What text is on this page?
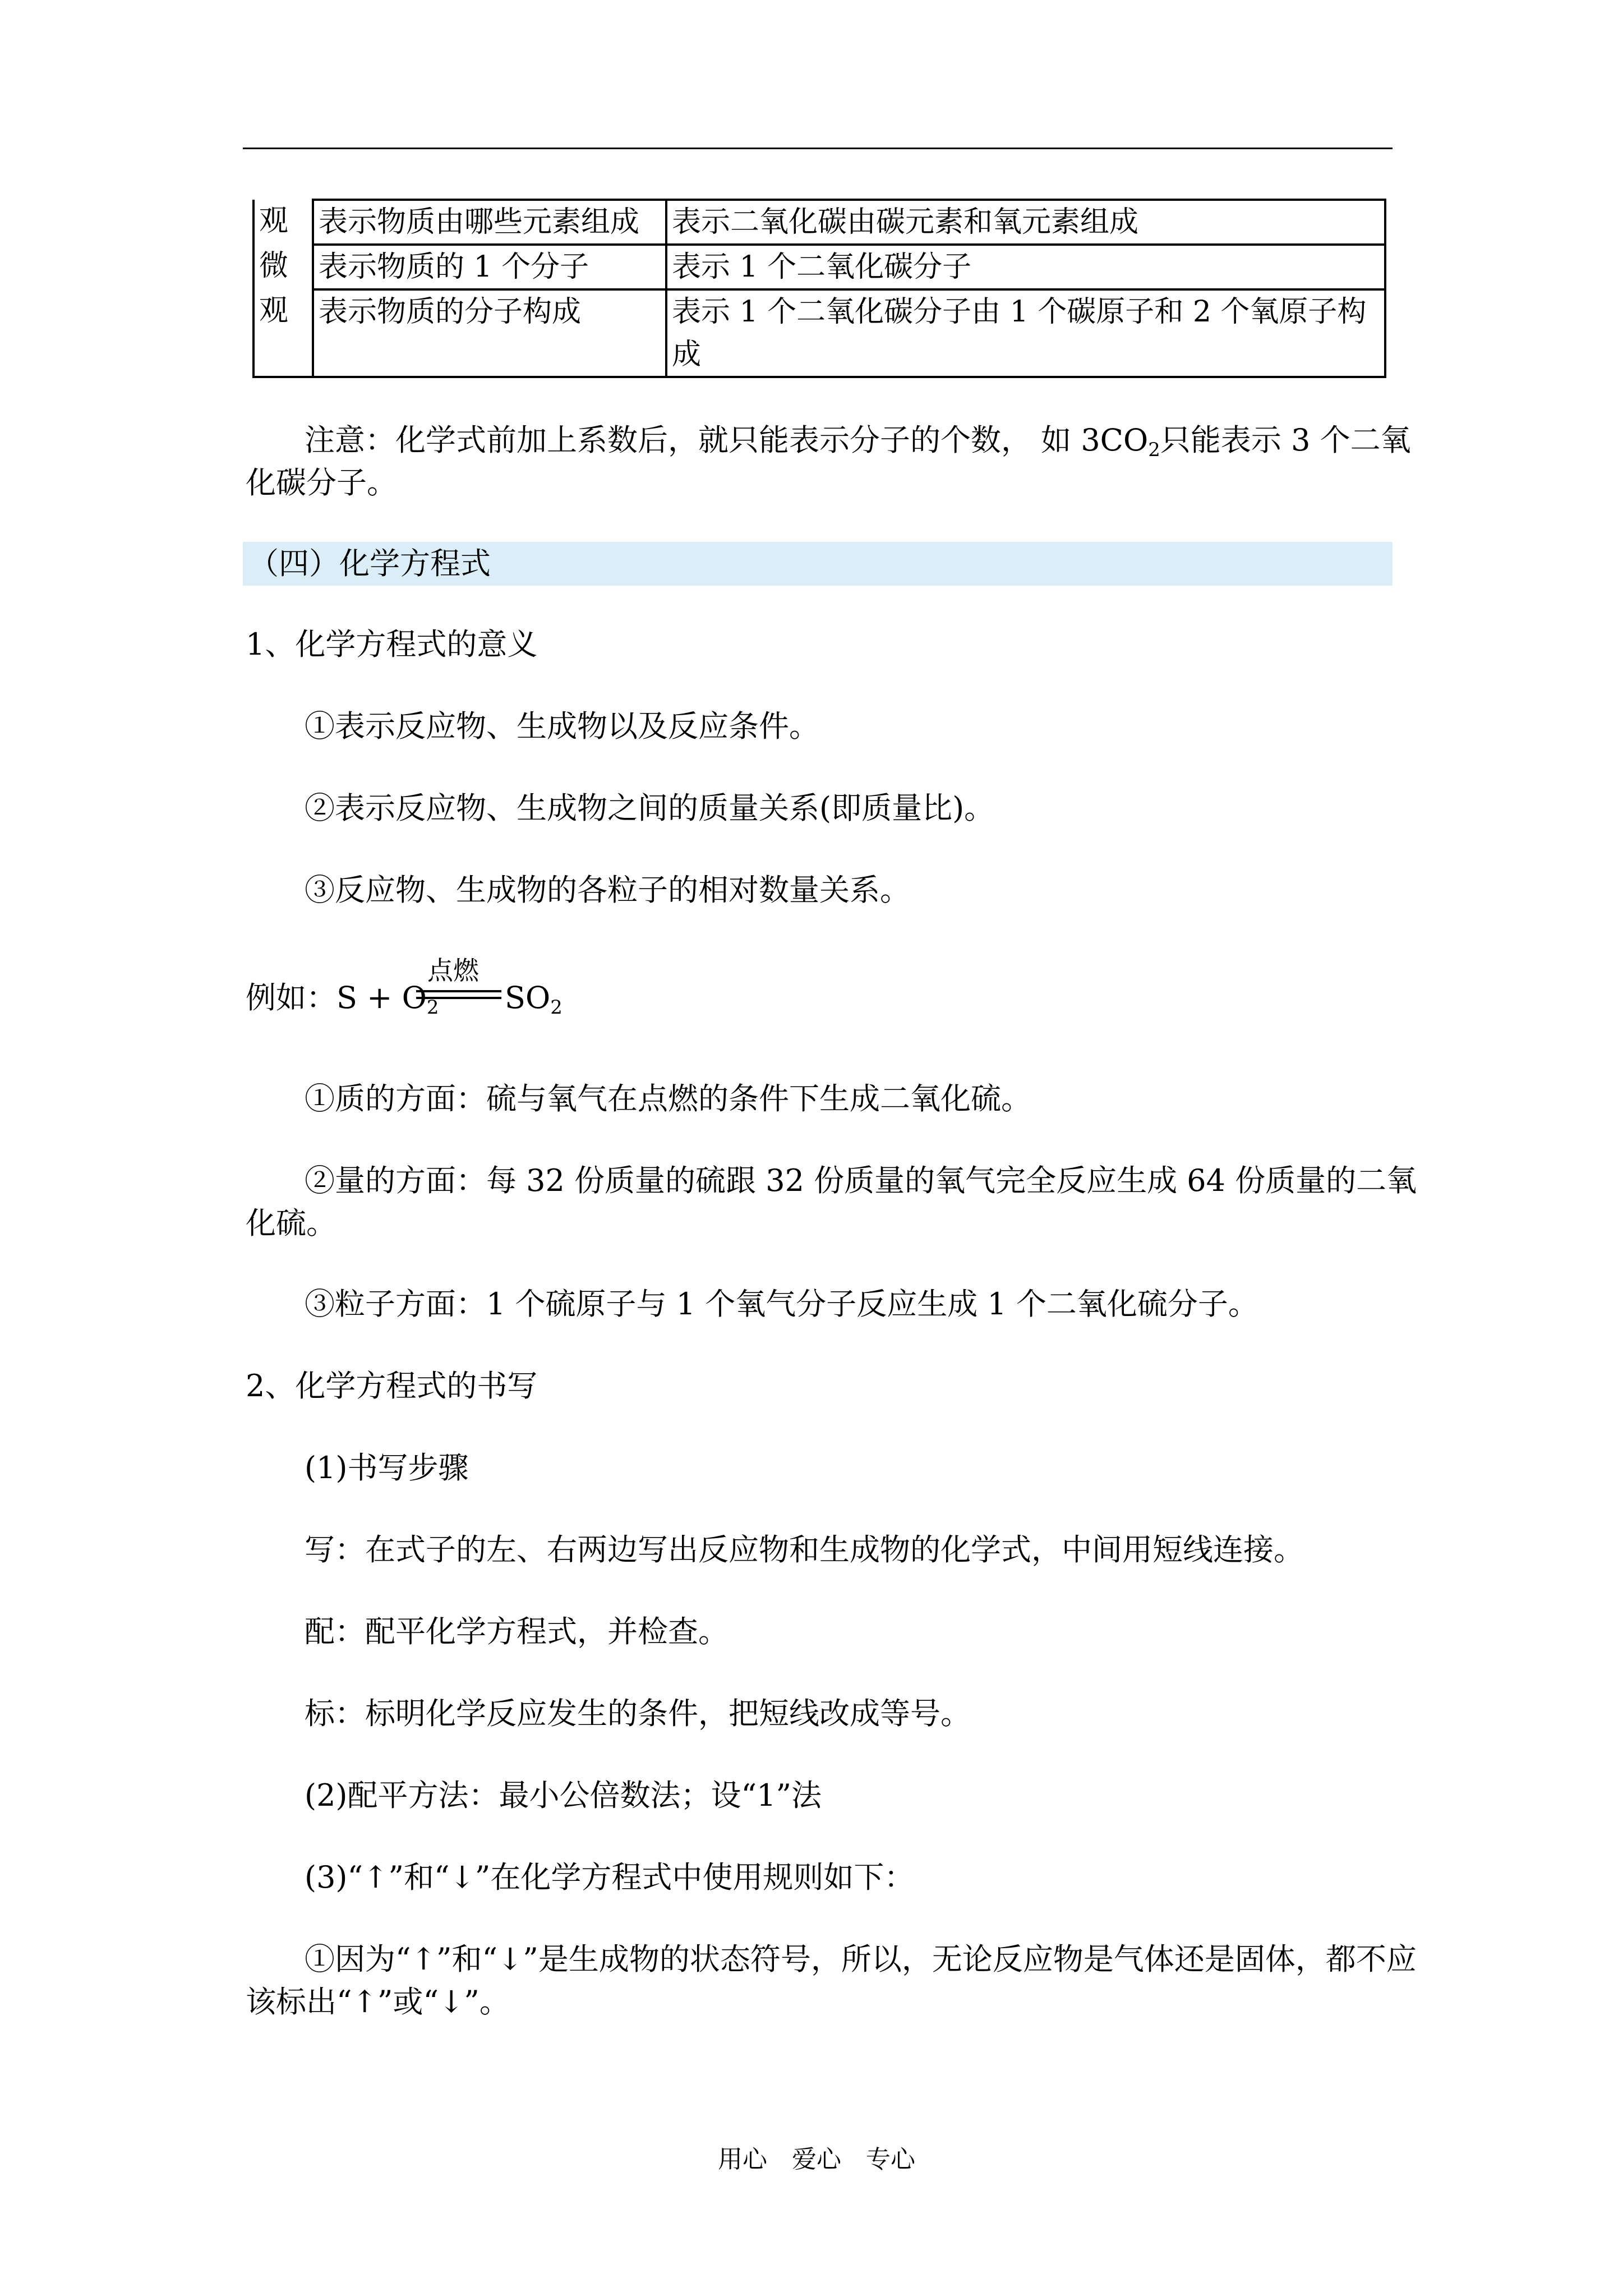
观	表示物质由哪些元素组成	表示二氧化碳由碳元素和氧元素组成
微	表示物质的 1 个分子	表示 1 个二氧化碳分子
观	表示物质的分子构成	表示 1 个二氧化碳分子由 1 个碳原子和 2 个氧原子构成
注意：化学式前加上系数后，就只能表示分子的个数， 如 $3CO_2$只能表示 3 个二氧
化碳分子。
（四）化学方程式
1、化学方程式的意义
①表示反应物、生成物以及反应条件。
②表示反应物、生成物之间的质量关系(即质量比)。
③反应物、生成物的各粒子的相对数量关系。
例如：$S + O_2$
点燃
$SO_2$
①质的方面：硫与氧气在点燃的条件下生成二氧化硫。
②量的方面：每 32 份质量的硫跟 32 份质量的氧气完全反应生成 64 份质量的二氧
化硫。
③粒子方面：1 个硫原子与 1 个氧气分子反应生成 1 个二氧化硫分子。
2、化学方程式的书写
(1)书写步骤
写：在式子的左、右两边写出反应物和生成物的化学式，中间用短线连接。
配：配平化学方程式，并检查。
标：标明化学反应发生的条件，把短线改成等号。
(2)配平方法：最小公倍数法；设“1”法
(3)“↑”和“↓”在化学方程式中使用规则如下：
①因为“↑”和“↓”是生成物的状态符号，所以，无论反应物是气体还是固体，都不应
该标出“↑”或“↓”。
用心 爱心 专心
